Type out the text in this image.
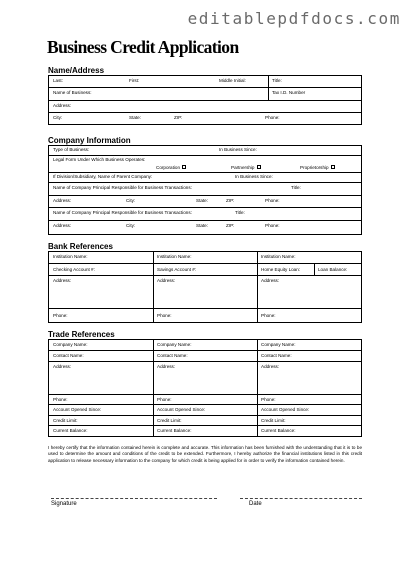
editablepdfdocs.com
Business Credit Application
Name/Address
Last:	First:	Middle Initial:	Title:
Name of Business:	Tax I.D. Number
Address:
City:	State:	ZIP:	Phone:
Company Information
Type of Business:	In Business Since:
Legal Form Under Which Business Operates:
Corporation	Partnership	Proprietorship
If Division/Subsidiary, Name of Parent Company:	In Business Since:
Name of Company Principal Responsible for Business Transactions:	Title:
Address:	City:	State:	ZIP:	Phone:
Name of Company Principal Responsible for Business Transactions:	Title:
Address:	City:	State:	ZIP:	Phone:
Bank References
Institution Name:	Institution Name:	Institution Name:
Checking Account #:	Savings Account #:	Home Equity Loan:	Loan Balance:
Address:	Address:	Address:
Phone:	Phone:	Phone:
Trade References
Company Name:	Company Name:	Company Name:
Contact Name:	Contact Name:	Contact Name:
Address:	Address:	Address:
Phone:	Phone:	Phone:
Account Opened Since:	Account Opened Since:	Account Opened Since:
Credit Limit:	Credit Limit:	Credit Limit:
Current Balance:	Current Balance:	Current Balance:
I hereby certify that the information contained herein is complete and accurate. This information has been furnished with the understanding that it is to be used to determine the amount and conditions of the credit to be extended. Furthermore, I hereby authorize the financial institutions listed in this credit application to release necessary information to the company for which credit is being applied for in order to verify the information contained herein.
Signature	Date
